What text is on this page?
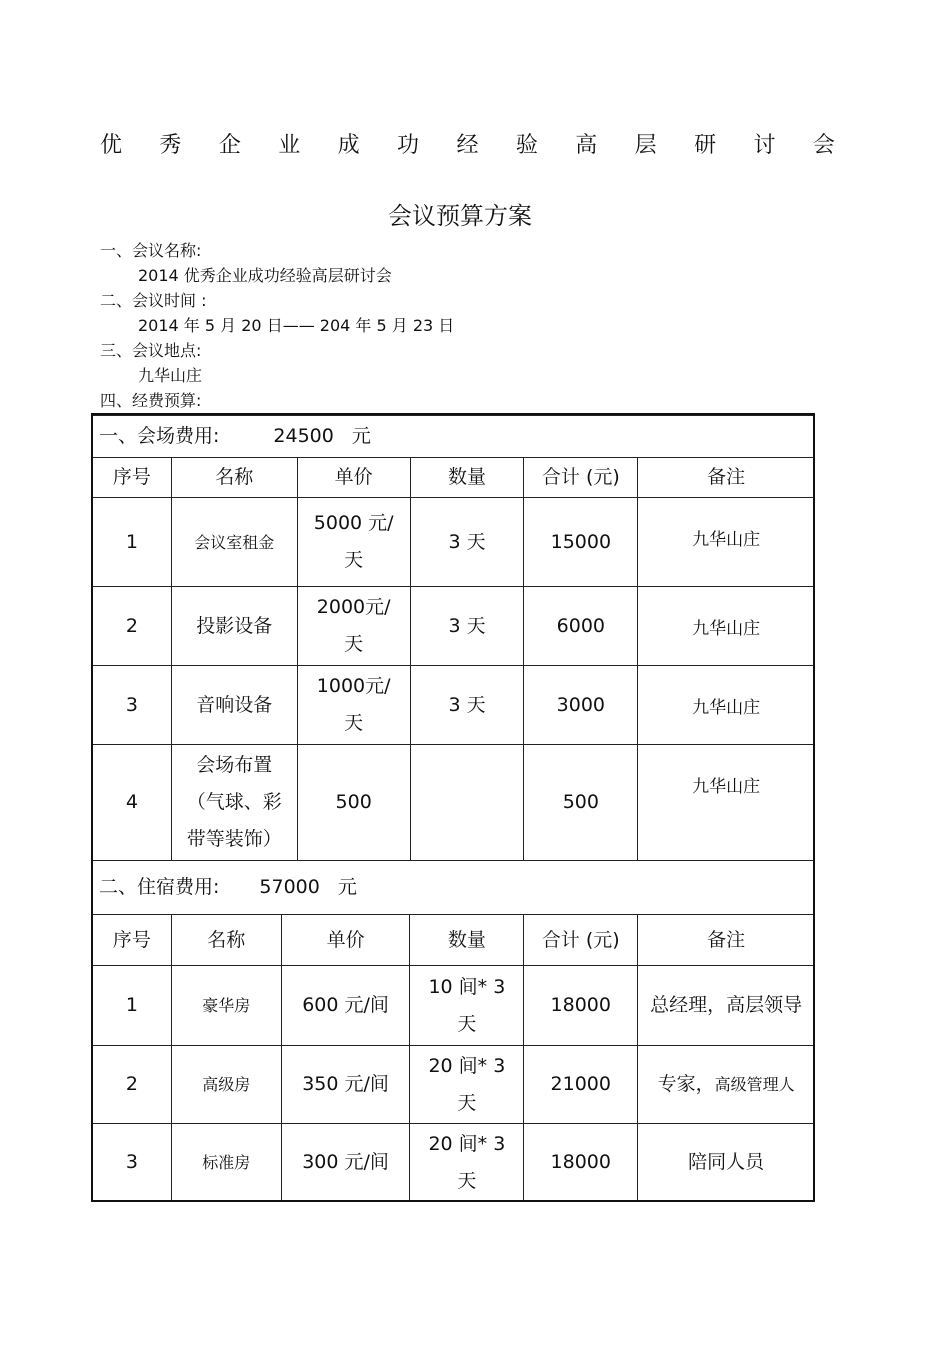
优 秀 企 业 成 功 经 验 高 层 研 讨 会
会议预算方案
一、会议名称:
2014 优秀企业成功经验高层研讨会
二、会议时间 :
2014 年 5 月 20 日—— 204 年 5 月 23 日
三、会议地点:
九华山庄
四、经费预算:
一、会场费用: 24500 元					
序号	名称	单价	数量	合计 (元)	备注
1	会议室租金	5000 元/天	3 天	15000	九华山庄
2	投影设备	2000元/天	3 天	6000	九华山庄
3	音响设备	1000元/天	3 天	3000	九华山庄
4	会场布置（气球、彩带等装饰）	500		500	九华山庄
二、住宿费用: 57000 元					
序号	名称	单价	数量	合计 (元)	备注
1	豪华房	600 元/间	10 间* 3 天	18000	总经理，高层领导
2	高级房	350 元/间	20 间* 3 天	21000	专家，高级管理人
3	标准房	300 元/间	20 间* 3 天	18000	陪同人员
